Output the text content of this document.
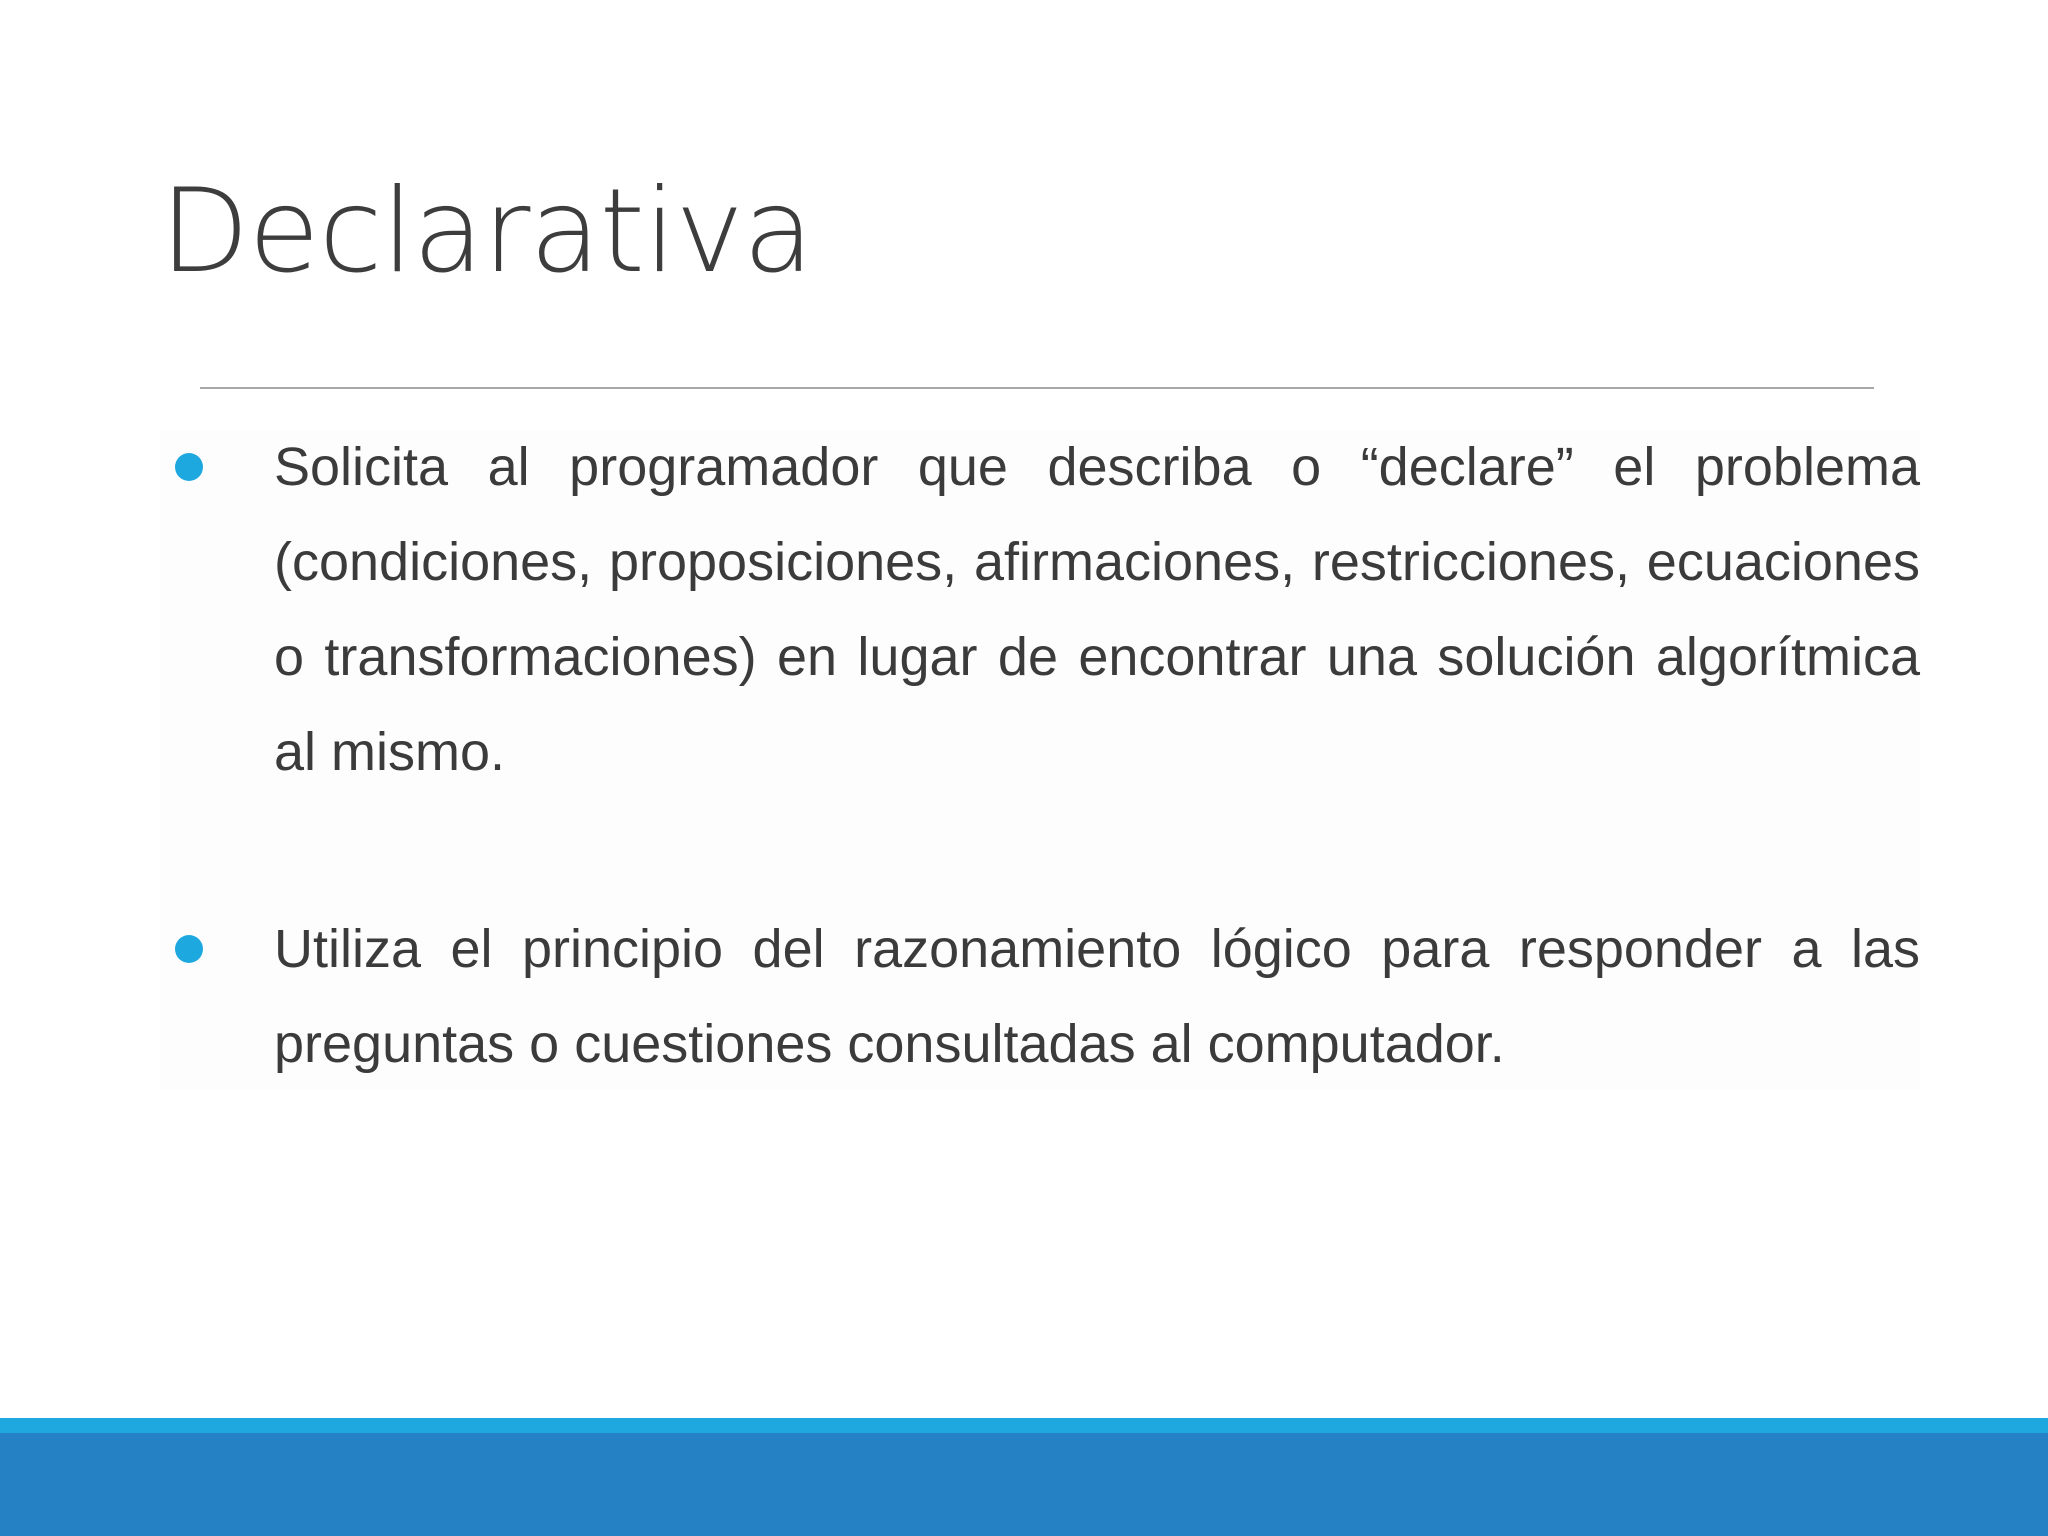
Declarativa
Solicita al programador que describa o “declare” el problema (condiciones, proposiciones, afirmaciones, restricciones, ecuaciones o transformaciones) en lugar de encontrar una solución algorítmica al mismo.
Utiliza el principio del razonamiento lógico para responder a las preguntas o cuestiones consultadas al computador.
